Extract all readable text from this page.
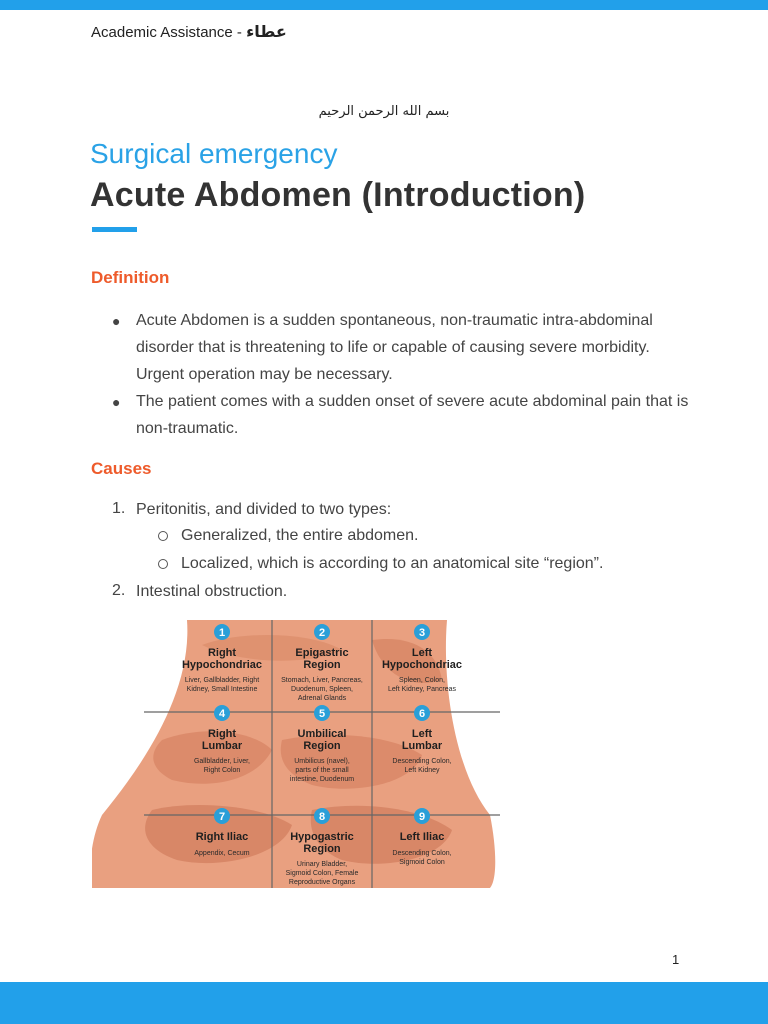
Academic Assistance - عطاء
بسم الله الرحمن الرحيم
Surgical emergency
Acute Abdomen (Introduction)
Definition
● Acute Abdomen is a sudden spontaneous, non-traumatic intra-abdominal disorder that is threatening to life or capable of causing severe morbidity. Urgent operation may be necessary.
● The patient comes with a sudden onset of severe acute abdominal pain that is non-traumatic.
Causes
1. Peritonitis, and divided to two types:
Generalized, the entire abdomen.
Localized, which is according to an anatomical site “region”.
2. Intestinal obstruction.
1
Right
Hypochondriac
Liver, Gallbladder, Right
Kidney, Small Intestine
2
Epigastric
Region
Stomach, Liver, Pancreas,
Duodenum, Spleen,
Adrenal Glands
3
Left
Hypochondriac
Spleen, Colon,
Left Kidney, Pancreas
4
Right
Lumbar
Gallbladder, Liver,
Right Colon
5
Umbilical
Region
Umbilicus (navel),
parts of the small
intestine, Duodenum
6
Left
Lumbar
Descending Colon,
Left Kidney
7
Right Iliac
Appendix, Cecum
8
Hypogastric
Region
Urinary Bladder,
Sigmoid Colon, Female
Reproductive Organs
9
Left Iliac
Descending Colon,
Sigmoid Colon
1
